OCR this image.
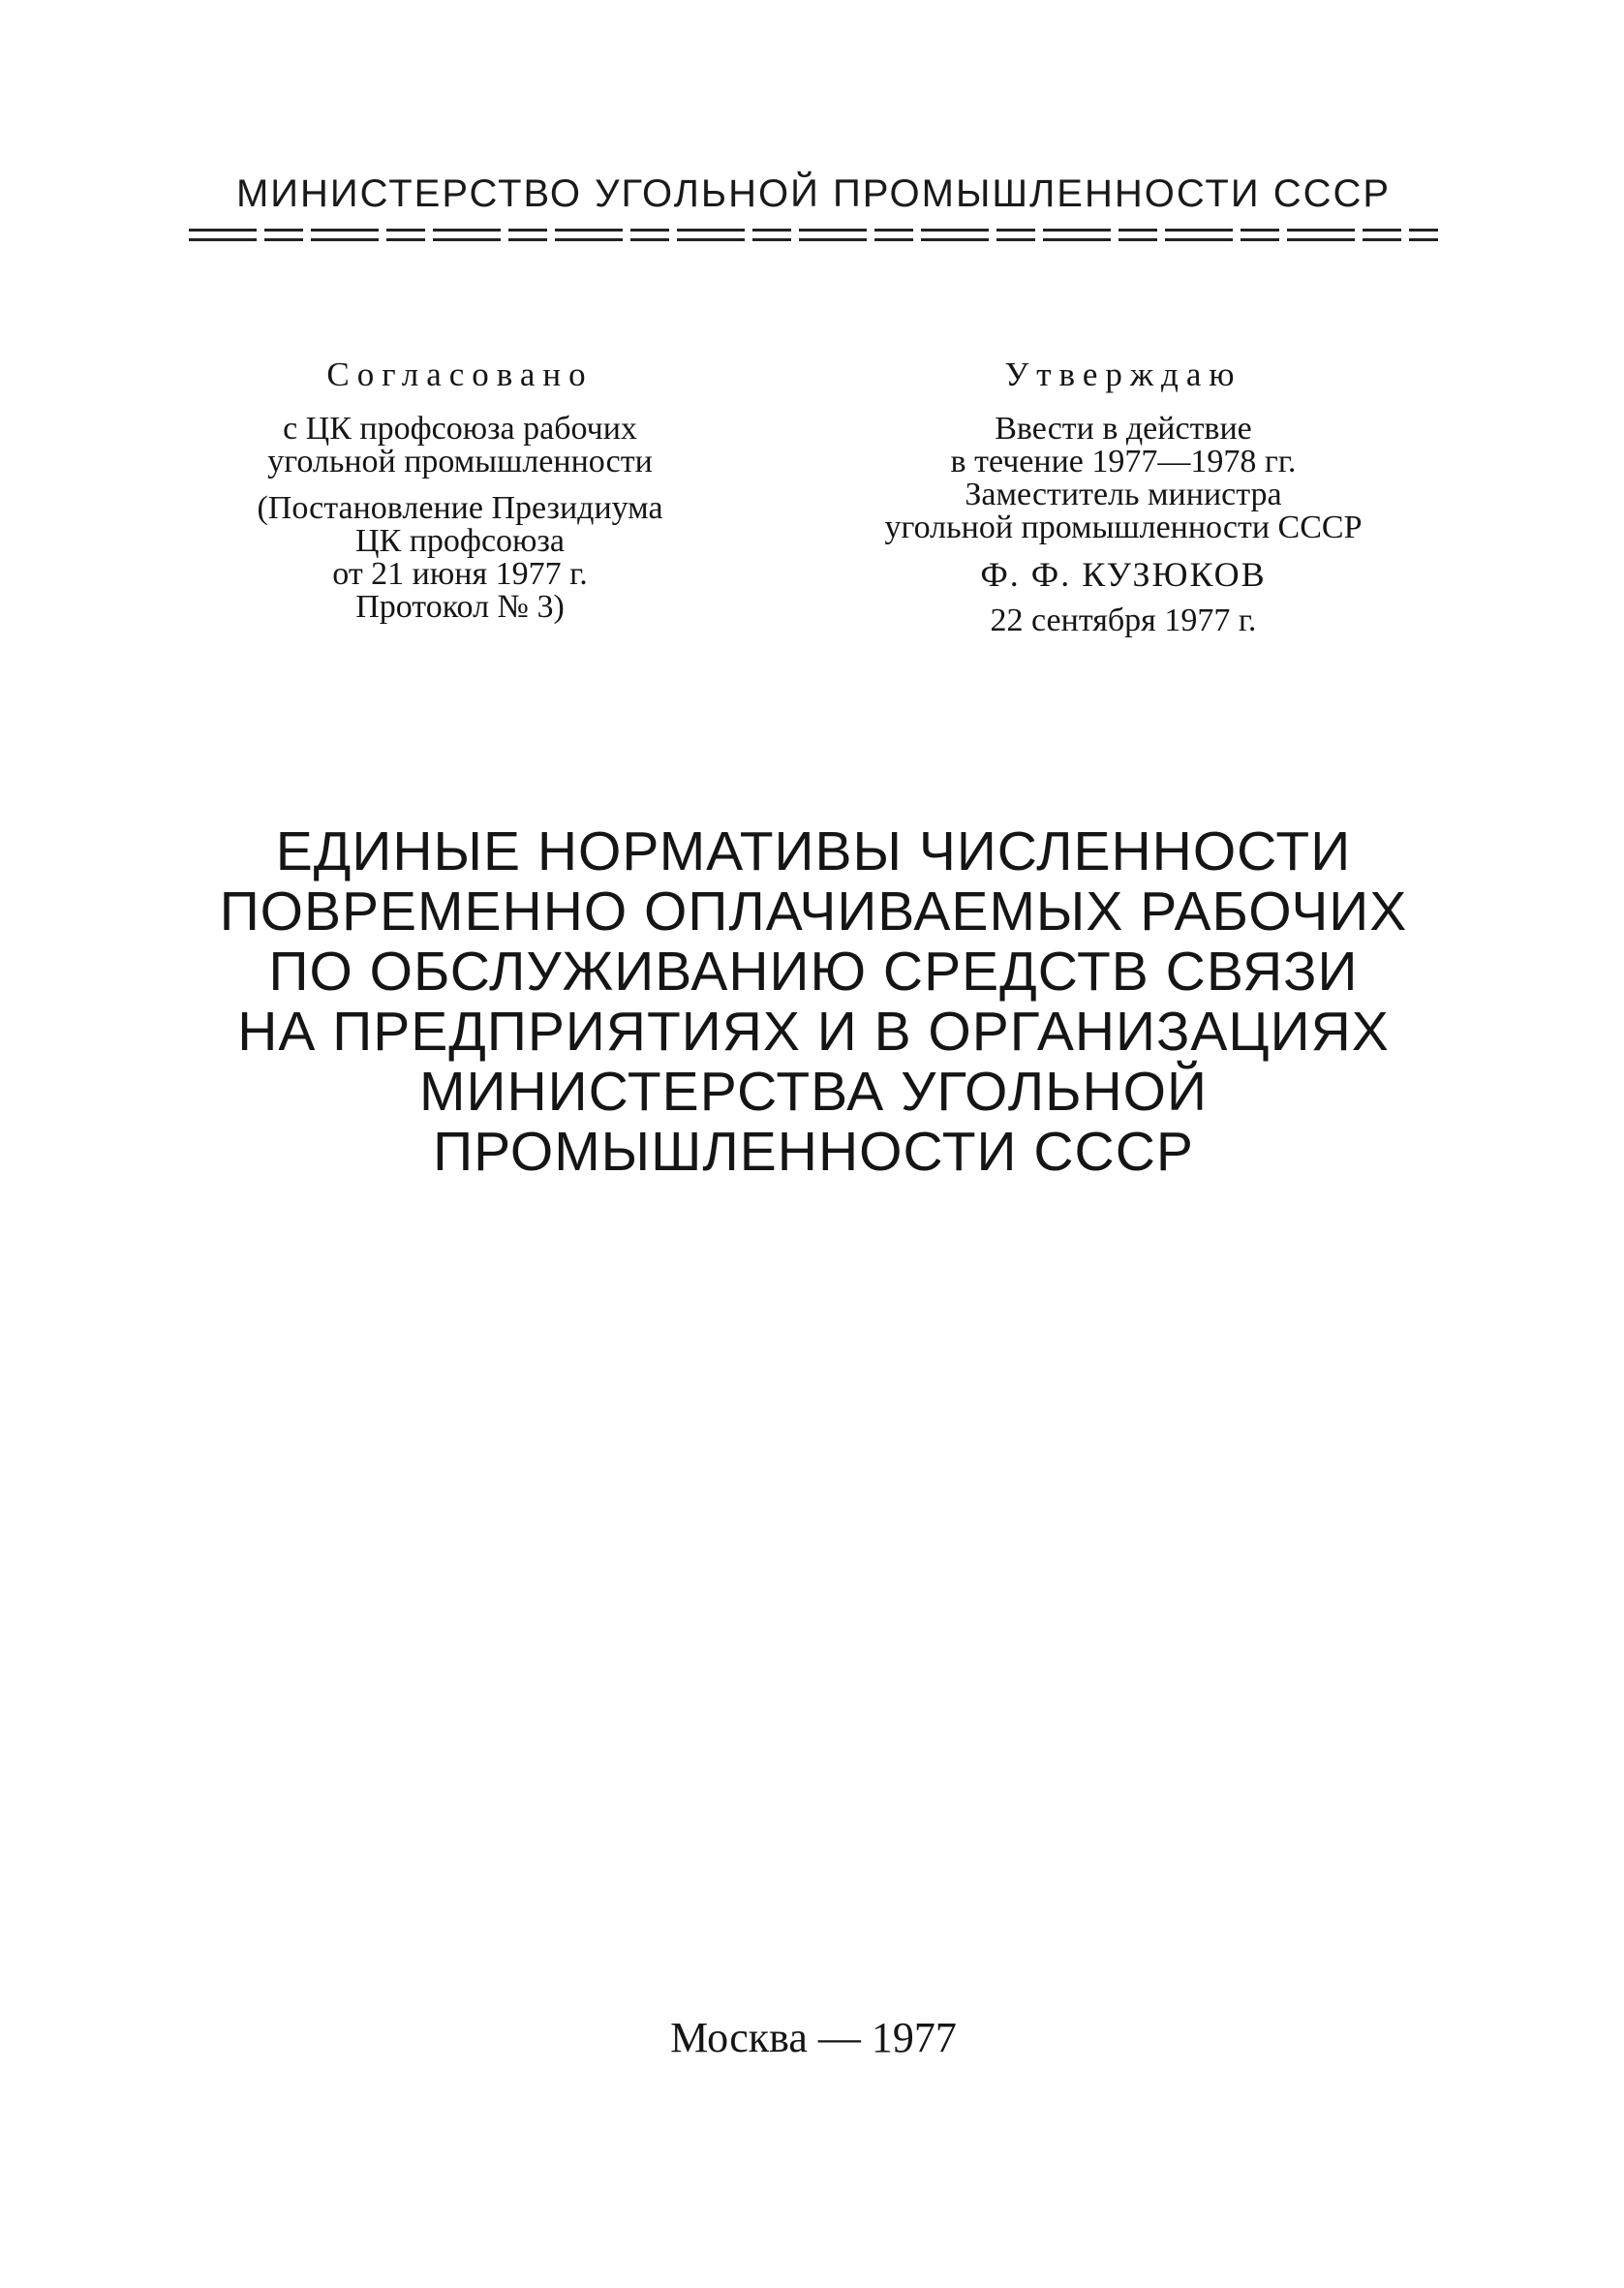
МИНИСТЕРСТВО УГОЛЬНОЙ ПРОМЫШЛЕННОСТИ СССР
Согласовано
с ЦК профсоюза рабочих
угольной промышленности
(Постановление Президиума
ЦК профсоюза
от 21 июня 1977 г.
Протокол № 3)
Утверждаю
Ввести в действие
в течение 1977—1978 гг.
Заместитель министра
угольной промышленности СССР
Ф. Ф. КУЗЮКОВ
22 сентября 1977 г.
ЕДИНЫЕ НОРМАТИВЫ ЧИСЛЕННОСТИ
ПОВРЕМЕННО ОПЛАЧИВАЕМЫХ РАБОЧИХ
ПО ОБСЛУЖИВАНИЮ СРЕДСТВ СВЯЗИ
НА ПРЕДПРИЯТИЯХ И В ОРГАНИЗАЦИЯХ
МИНИСТЕРСТВА УГОЛЬНОЙ
ПРОМЫШЛЕННОСТИ СССР
Москва — 1977
